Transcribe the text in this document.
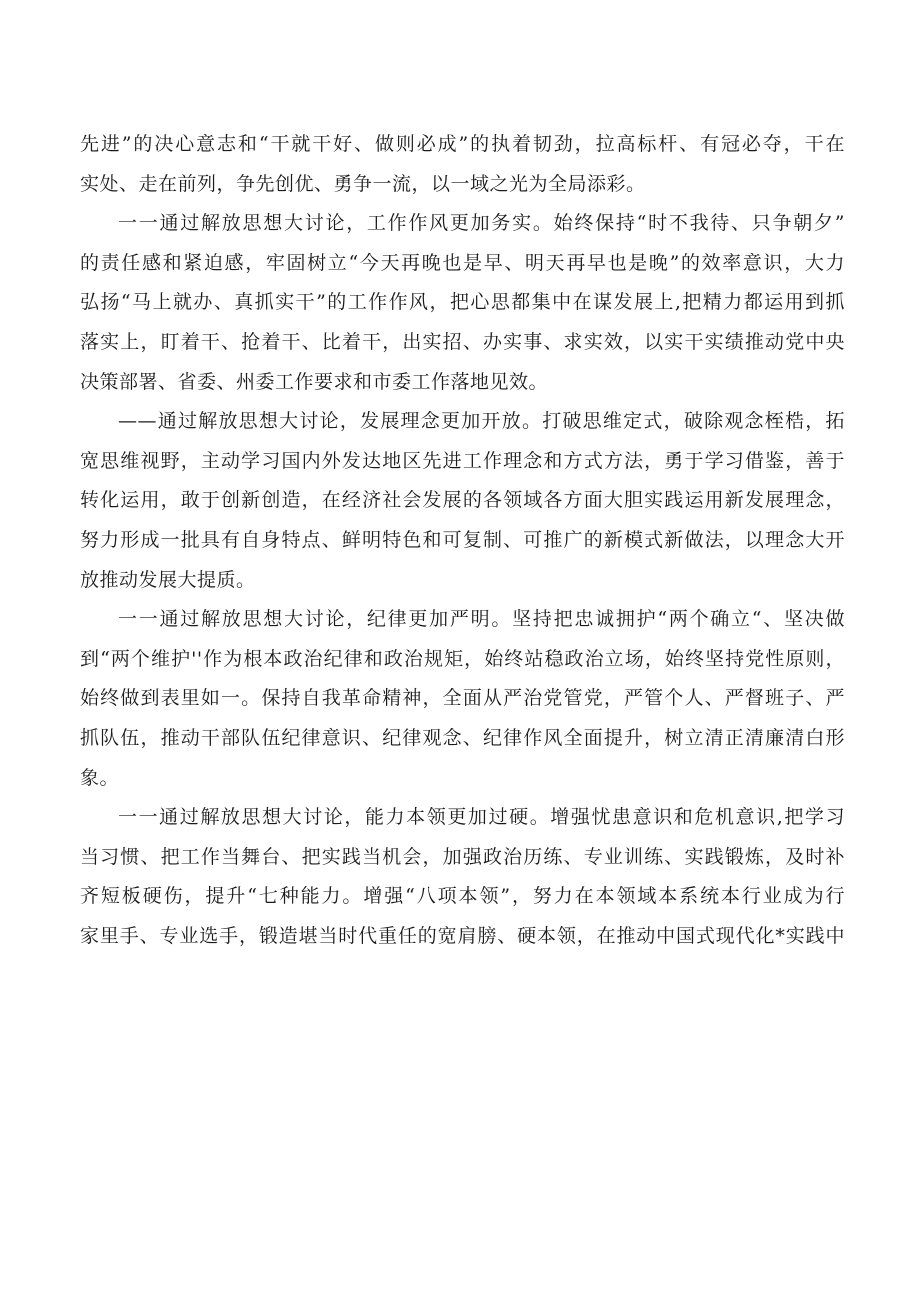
先进”的决心意志和“干就干好、做则必成”的执着韧劲，拉高标杆、有冠必夺，干在
实处、走在前列，争先创优、勇争一流，以一域之光为全局添彩。
一一通过解放思想大讨论，工作作风更加务实。始终保持“时不我待、只争朝夕”
的责任感和紧迫感，牢固树立“今天再晚也是早、明天再早也是晚”的效率意识，大力
弘扬“马上就办、真抓实干”的工作作风，把心思都集中在谋发展上,把精力都运用到抓
落实上，盯着干、抢着干、比着干，出实招、办实事、求实效，以实干实绩推动党中央
决策部署、省委、州委工作要求和市委工作落地见效。
——通过解放思想大讨论，发展理念更加开放。打破思维定式，破除观念桎梏，拓
宽思维视野，主动学习国内外发达地区先进工作理念和方式方法，勇于学习借鉴，善于
转化运用，敢于创新创造，在经济社会发展的各领域各方面大胆实践运用新发展理念，
努力形成一批具有自身特点、鲜明特色和可复制、可推广的新模式新做法，以理念大开
放推动发展大提质。
一一通过解放思想大讨论，纪律更加严明。坚持把忠诚拥护“两个确立“、坚决做
到“两个维护''作为根本政治纪律和政治规矩，始终站稳政治立场，始终坚持党性原则，
始终做到表里如一。保持自我革命精神，全面从严治党管党，严管个人、严督班子、严
抓队伍，推动干部队伍纪律意识、纪律观念、纪律作风全面提升，树立清正清廉清白形
象。
一一通过解放思想大讨论，能力本领更加过硬。增强忧患意识和危机意识,把学习
当习惯、把工作当舞台、把实践当机会，加强政治历练、专业训练、实践锻炼，及时补
齐短板硬伤，提升“七种能力。增强“八项本领”，努力在本领域本系统本行业成为行
家里手、专业选手，锻造堪当时代重任的宽肩膀、硬本领，在推动中国式现代化*实践中
